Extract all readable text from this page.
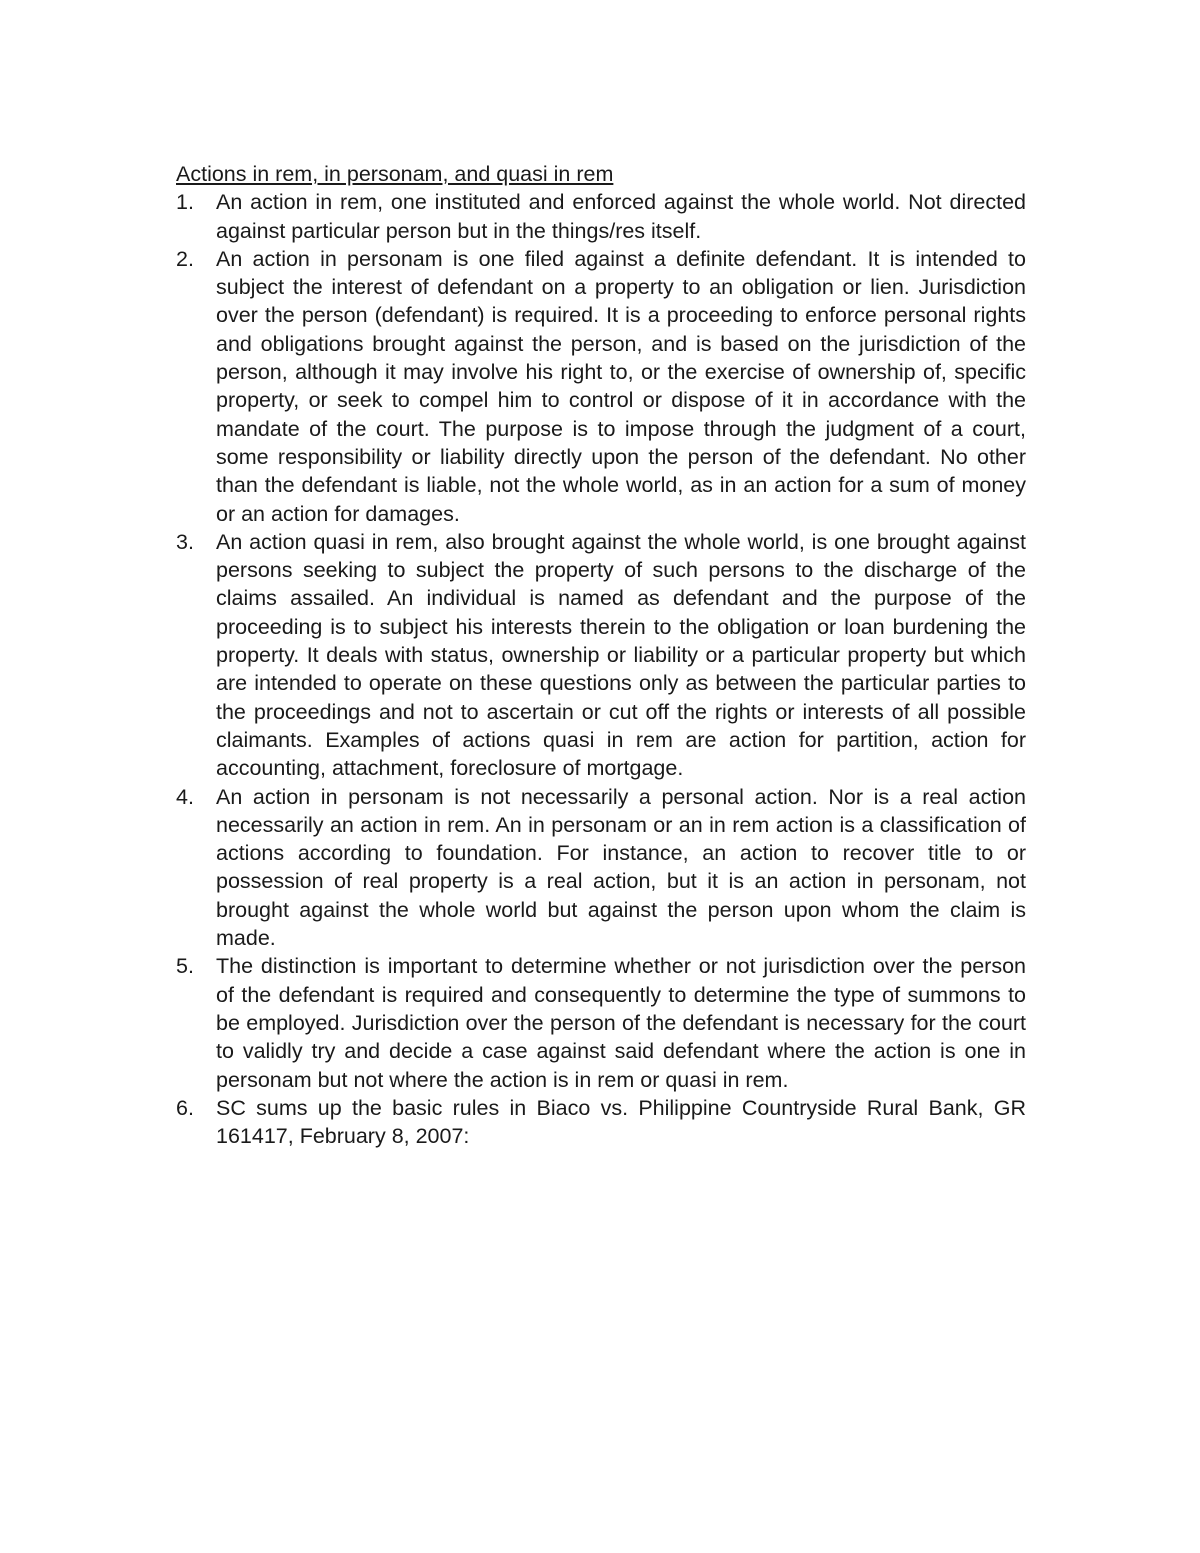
Actions in rem, in personam, and quasi in rem
1.	An action in rem, one instituted and enforced against the whole world. Not directed against particular person but in the things/res itself.
2.	An action in personam is one filed against a definite defendant. It is intended to subject the interest of defendant on a property to an obligation or lien. Jurisdiction over the person (defendant) is required. It is a proceeding to enforce personal rights and obligations brought against the person, and is based on the jurisdiction of the person, although it may involve his right to, or the exercise of ownership of, specific property, or seek to compel him to control or dispose of it in accordance with the mandate of the court. The purpose is to impose through the judgment of a court, some responsibility or liability directly upon the person of the defendant. No other than the defendant is liable, not the whole world, as in an action for a sum of money or an action for damages.
3.	An action quasi in rem, also brought against the whole world, is one brought against persons seeking to subject the property of such persons to the discharge of the claims assailed. An individual is named as defendant and the purpose of the proceeding is to subject his interests therein to the obligation or loan burdening the property. It deals with status, ownership or liability or a particular property but which are intended to operate on these questions only as between the particular parties to the proceedings and not to ascertain or cut off the rights or interests of all possible claimants. Examples of actions quasi in rem are action for partition, action for accounting, attachment, foreclosure of mortgage.
4.	An action in personam is not necessarily a personal action. Nor is a real action necessarily an action in rem. An in personam or an in rem action is a classification of actions according to foundation. For instance, an action to recover title to or possession of real property is a real action, but it is an action in personam, not brought against the whole world but against the person upon whom the claim is made.
5.	The distinction is important to determine whether or not jurisdiction over the person of the defendant is required and consequently to determine the type of summons to be employed. Jurisdiction over the person of the defendant is necessary for the court to validly try and decide a case against said defendant where the action is one in personam but not where the action is in rem or quasi in rem.
6.	SC sums up the basic rules in Biaco vs. Philippine Countryside Rural Bank, GR 161417, February 8, 2007:
